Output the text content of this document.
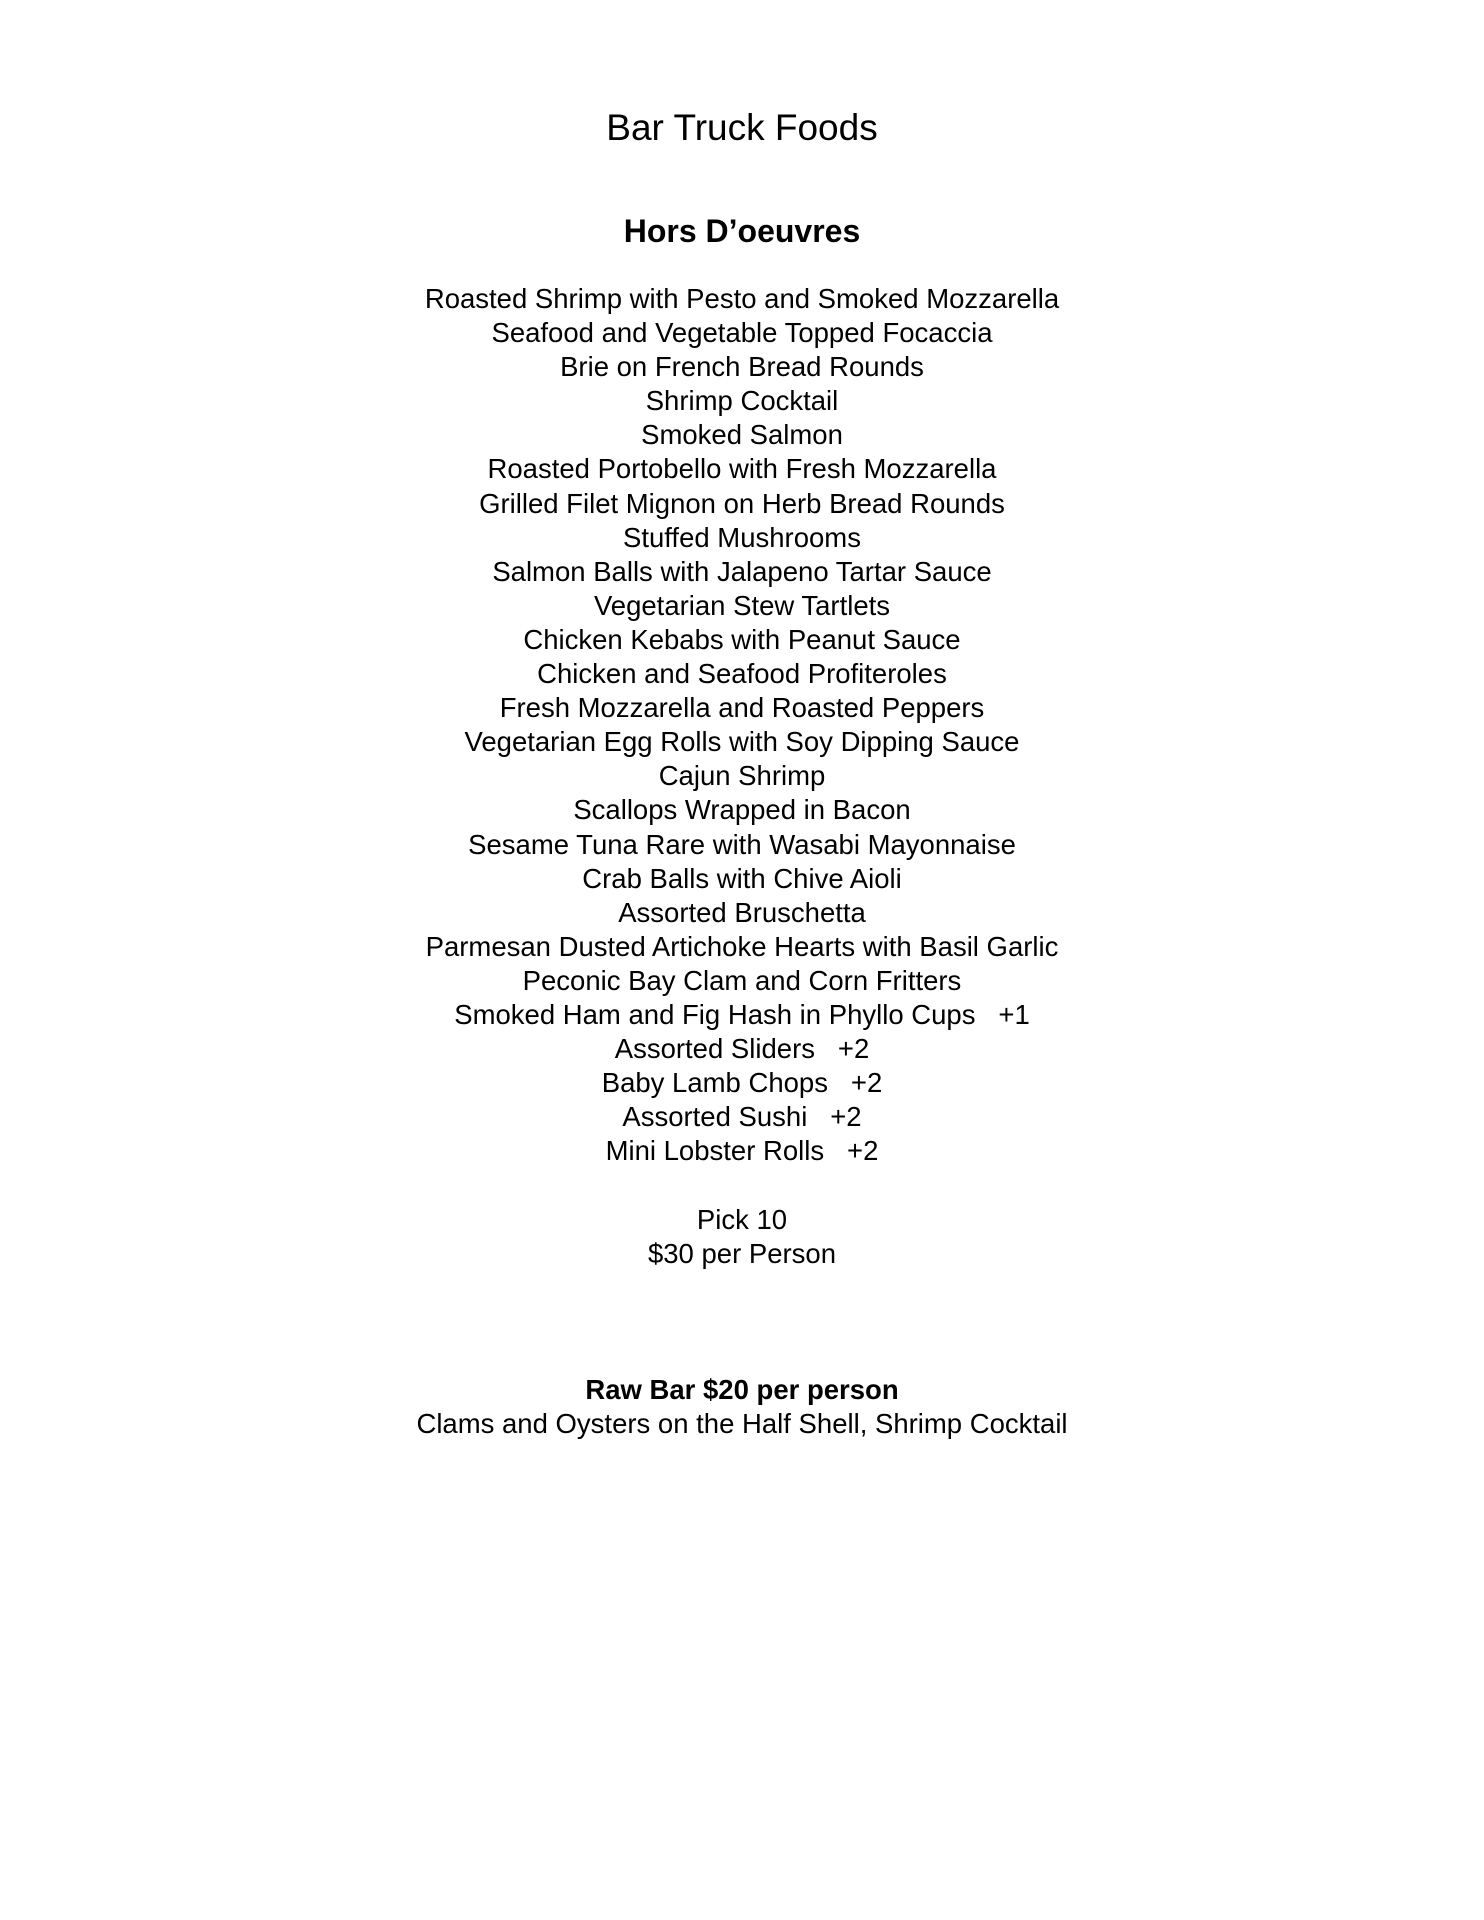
Bar Truck Foods
Hors D’oeuvres
Roasted Shrimp with Pesto and Smoked Mozzarella
Seafood and Vegetable Topped Focaccia
Brie on French Bread Rounds
Shrimp Cocktail
Smoked Salmon
Roasted Portobello with Fresh Mozzarella
Grilled Filet Mignon on Herb Bread Rounds
Stuffed Mushrooms
Salmon Balls with Jalapeno Tartar Sauce
Vegetarian Stew Tartlets
Chicken Kebabs with Peanut Sauce
Chicken and Seafood Profiteroles
Fresh Mozzarella and Roasted Peppers
Vegetarian Egg Rolls with Soy Dipping Sauce
Cajun Shrimp
Scallops Wrapped in Bacon
Sesame Tuna Rare with Wasabi Mayonnaise
Crab Balls with Chive Aioli
Assorted Bruschetta
Parmesan Dusted Artichoke Hearts with Basil Garlic
Peconic Bay Clam and Corn Fritters
Smoked Ham and Fig Hash in Phyllo Cups   +1
Assorted Sliders   +2
Baby Lamb Chops   +2
Assorted Sushi   +2
Mini Lobster Rolls   +2
Pick 10
$30 per Person
Raw Bar $20 per person
Clams and Oysters on the Half Shell, Shrimp Cocktail
